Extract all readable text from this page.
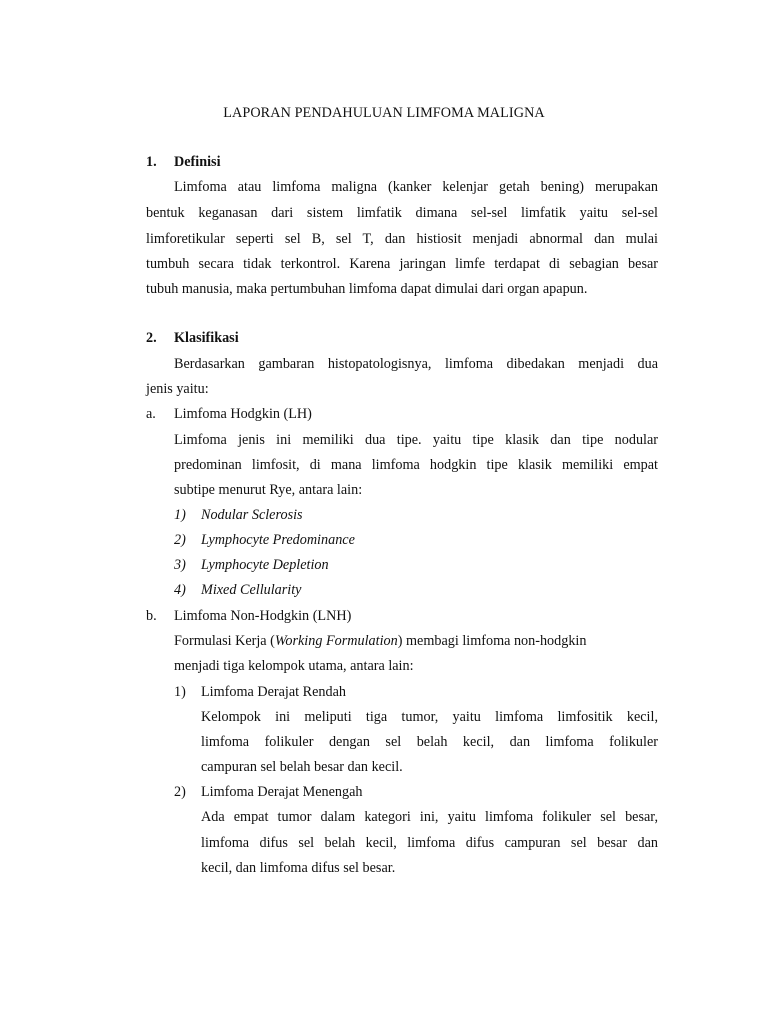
LAPORAN PENDAHULUAN LIMFOMA MALIGNA
1. Definisi
Limfoma atau limfoma maligna (kanker kelenjar getah bening) merupakan
bentuk keganasan dari sistem limfatik dimana sel-sel limfatik yaitu sel-sel
limforetikular seperti sel B, sel T, dan histiosit menjadi abnormal dan mulai
tumbuh secara tidak terkontrol. Karena jaringan limfe terdapat di sebagian besar
tubuh manusia, maka pertumbuhan limfoma dapat dimulai dari organ apapun.
2. Klasifikasi
Berdasarkan gambaran histopatologisnya, limfoma dibedakan menjadi dua
jenis yaitu:
a. Limfoma Hodgkin (LH)
Limfoma jenis ini memiliki dua tipe. yaitu tipe klasik dan tipe nodular
predominan limfosit, di mana limfoma hodgkin tipe klasik memiliki empat
subtipe menurut Rye, antara lain:
1) Nodular Sclerosis
2) Lymphocyte Predominance
3) Lymphocyte Depletion
4) Mixed Cellularity
b. Limfoma Non-Hodgkin (LNH)
Formulasi Kerja (Working Formulation) membagi limfoma non-hodgkin
menjadi tiga kelompok utama, antara lain:
1) Limfoma Derajat Rendah
Kelompok ini meliputi tiga tumor, yaitu limfoma limfositik kecil,
limfoma folikuler dengan sel belah kecil, dan limfoma folikuler
campuran sel belah besar dan kecil.
2) Limfoma Derajat Menengah
Ada empat tumor dalam kategori ini, yaitu limfoma folikuler sel besar,
limfoma difus sel belah kecil, limfoma difus campuran sel besar dan
kecil, dan limfoma difus sel besar.
